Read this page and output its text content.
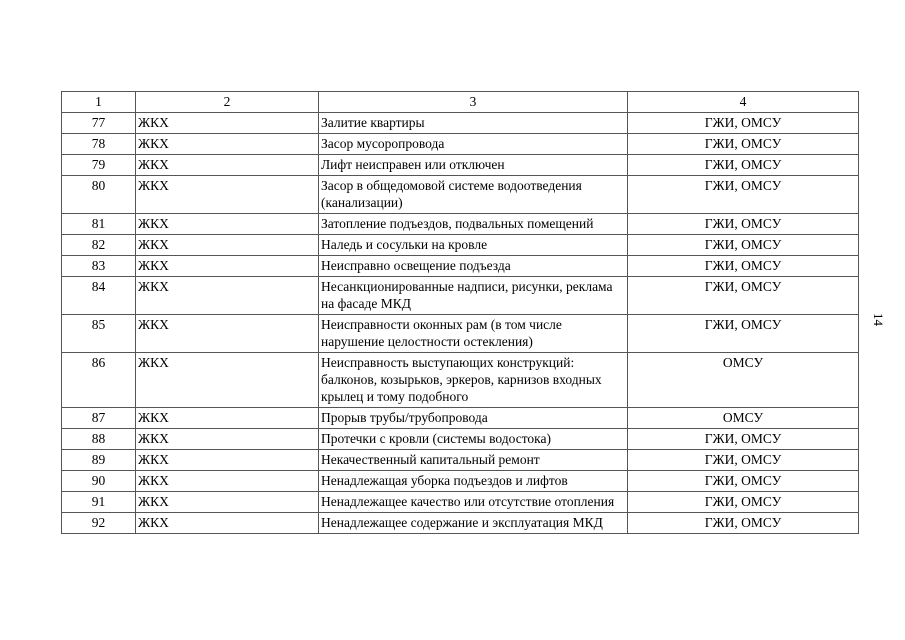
1	2	3	4
77	ЖКХ	Залитие квартиры	ГЖИ, ОМСУ
78	ЖКХ	Засор мусоропровода	ГЖИ, ОМСУ
79	ЖКХ	Лифт неисправен или отключен	ГЖИ, ОМСУ
80	ЖКХ	Засор в общедомовой системе водоотведения (канализации)	ГЖИ, ОМСУ
81	ЖКХ	Затопление подъездов, подвальных помещений	ГЖИ, ОМСУ
82	ЖКХ	Наледь и сосульки на кровле	ГЖИ, ОМСУ
83	ЖКХ	Неисправно освещение подъезда	ГЖИ, ОМСУ
84	ЖКХ	Несанкционированные надписи, рисунки, реклама на фасаде МКД	ГЖИ, ОМСУ
85	ЖКХ	Неисправности оконных рам (в том числе нарушение целостности остекления)	ГЖИ, ОМСУ
86	ЖКХ	Неисправность выступающих конструкций: балконов, козырьков, эркеров, карнизов входных крылец и тому подобного	ОМСУ
87	ЖКХ	Прорыв трубы/трубопровода	ОМСУ
88	ЖКХ	Протечки с кровли (системы водостока)	ГЖИ, ОМСУ
89	ЖКХ	Некачественный капитальный ремонт	ГЖИ, ОМСУ
90	ЖКХ	Ненадлежащая уборка подъездов и лифтов	ГЖИ, ОМСУ
91	ЖКХ	Ненадлежащее качество или отсутствие отопления	ГЖИ, ОМСУ
92	ЖКХ	Ненадлежащее содержание и эксплуатация МКД	ГЖИ, ОМСУ
14
